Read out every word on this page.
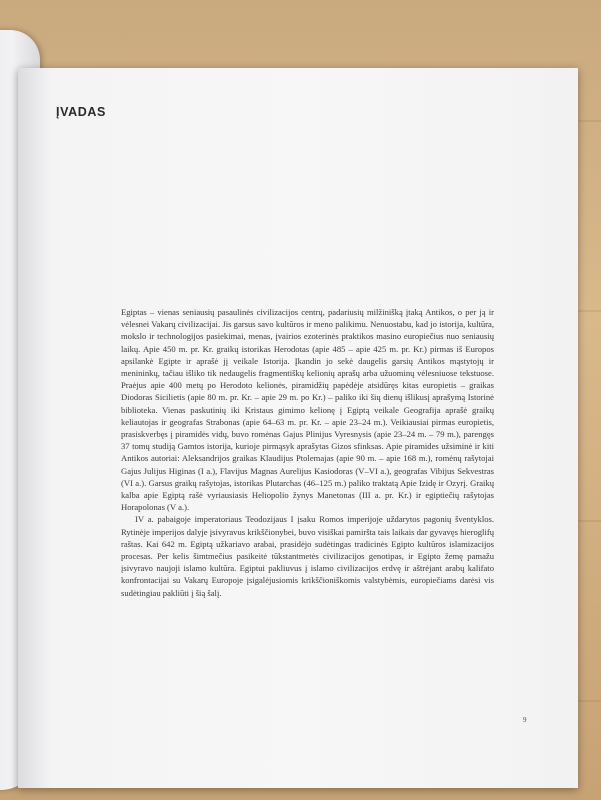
ĮVADAS

Egiptas – vienas seniausių pasaulinės civilizacijos centrų, padariusių milžinišką įtaką Antikos, o per ją ir vėlesnei Vakarų civilizacijai. Jis garsus savo kultūros ir meno palikimu. Nenuostabu, kad jo istorija, kultūra, mokslo ir technologijos pasiekimai, menas, įvairios ezoterinės praktikos masino europiečius nuo seniausių laikų. Apie 450 m. pr. Kr. graikų istorikas Herodotas (apie 485 – apie 425 m. pr. Kr.) pirmas iš Europos apsilankė Egipte ir aprašė jį veikale Istorija. Įkandin jo sekė daugelis garsių Antikos mąstytojų ir menininkų, tačiau išliko tik nedaugelis fragmentiškų kelionių aprašų arba užuominų vėlesniuose tekstuose. Praėjus apie 400 metų po Herodoto kelionės, piramidžių papėdėje atsidūręs kitas europietis – graikas Diodoras Sicilietis (apie 80 m. pr. Kr. – apie 29 m. po Kr.) – paliko iki šių dienų išlikusį aprašymą Istorinė biblioteka. Vienas paskutinių iki Kristaus gimimo kelionę į Egiptą veikale Geografija aprašė graikų keliautojas ir geografas Strabonas (apie 64–63 m. pr. Kr. – apie 23–24 m.). Veikiausiai pirmas europietis, prasiskverbęs į piramidės vidų, buvo romėnas Gajus Plinijus Vyresnysis (apie 23–24 m. – 79 m.), parengęs 37 tomų studiją Gamtos istorija, kurioje pirmąsyk aprašytas Gizos sfinksas. Apie piramides užsiminė ir kiti Antikos autoriai: Aleksandrijos graikas Klaudijus Ptolemajas (apie 90 m. – apie 168 m.), romėnų rašytojai Gajus Julijus Higinas (I a.), Flavijus Magnas Aurelijus Kasiodoras (V–VI a.), geografas Vibijus Sekvestras (VI a.). Garsus graikų rašytojas, istorikas Plutarchas (46–125 m.) paliko traktatą Apie Izidę ir Ozyrį. Graikų kalba apie Egiptą rašė vyriausiasis Heliopolio žynys Manetonas (III a. pr. Kr.) ir egiptiečių rašytojas Horapolonas (V a.).

IV a. pabaigoje imperatoriaus Teodozijaus I įsaku Romos imperijoje uždarytos pagonių šventyklos. Rytinėje imperijos dalyje įsivyravus krikščionybei, buvo visiškai pamiršta tais laikais dar gyvavęs hieroglifų raštas. Kai 642 m. Egiptą užkariavo arabai, prasidėjo sudėtingas tradicinės Egipto kultūros islamizacijos procesas. Per kelis šimtmečius pasikeitė tūkstantmetės civilizacijos genotipas, ir Egipto žemę pamažu įsivyravo naujoji islamo kultūra. Egiptui pakliuvus į islamo civilizacijos erdvę ir aštrėjant arabų kalifato konfrontacijai su Vakarų Europoje įsigalėjusiomis krikščioniškomis valstybėmis, europiečiams darėsi vis sudėtingiau pakliūti į šią šalį.

9
